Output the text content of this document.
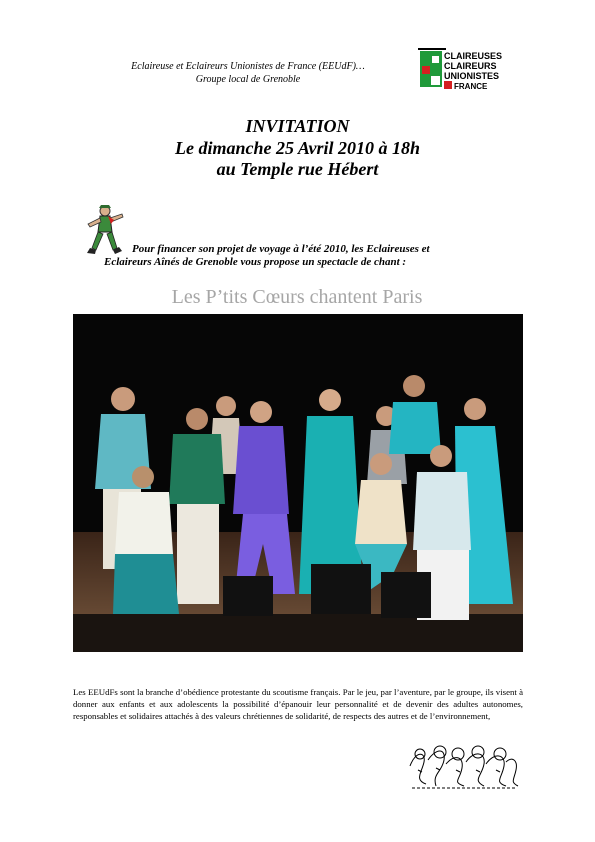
Eclaireuse et Eclaireurs Unionistes de France (EEUdF)…
Groupe local de Grenoble
CLAIREUSES
CLAIREURS
UNIONISTES
FRANCE
INVITATION
Le dimanche 25 Avril 2010 à 18h
au Temple rue Hébert
Pour financer son projet de voyage à l’été 2010, les Eclaireuses et
Eclaireurs Aînés de Grenoble vous propose un spectacle de chant :
Les P’tits Cœurs chantent Paris
Les EEUdFs sont la branche d’obédience protestante du scoutisme français. Par le jeu, par l’aventure, par le groupe, ils visent à donner aux enfants et aux adolescents la possibilité d’épanouir leur personnalité et de devenir des adultes autonomes, responsables et solidaires attachés à des valeurs chrétiennes de solidarité, de respects des autres et de l’environnement,
